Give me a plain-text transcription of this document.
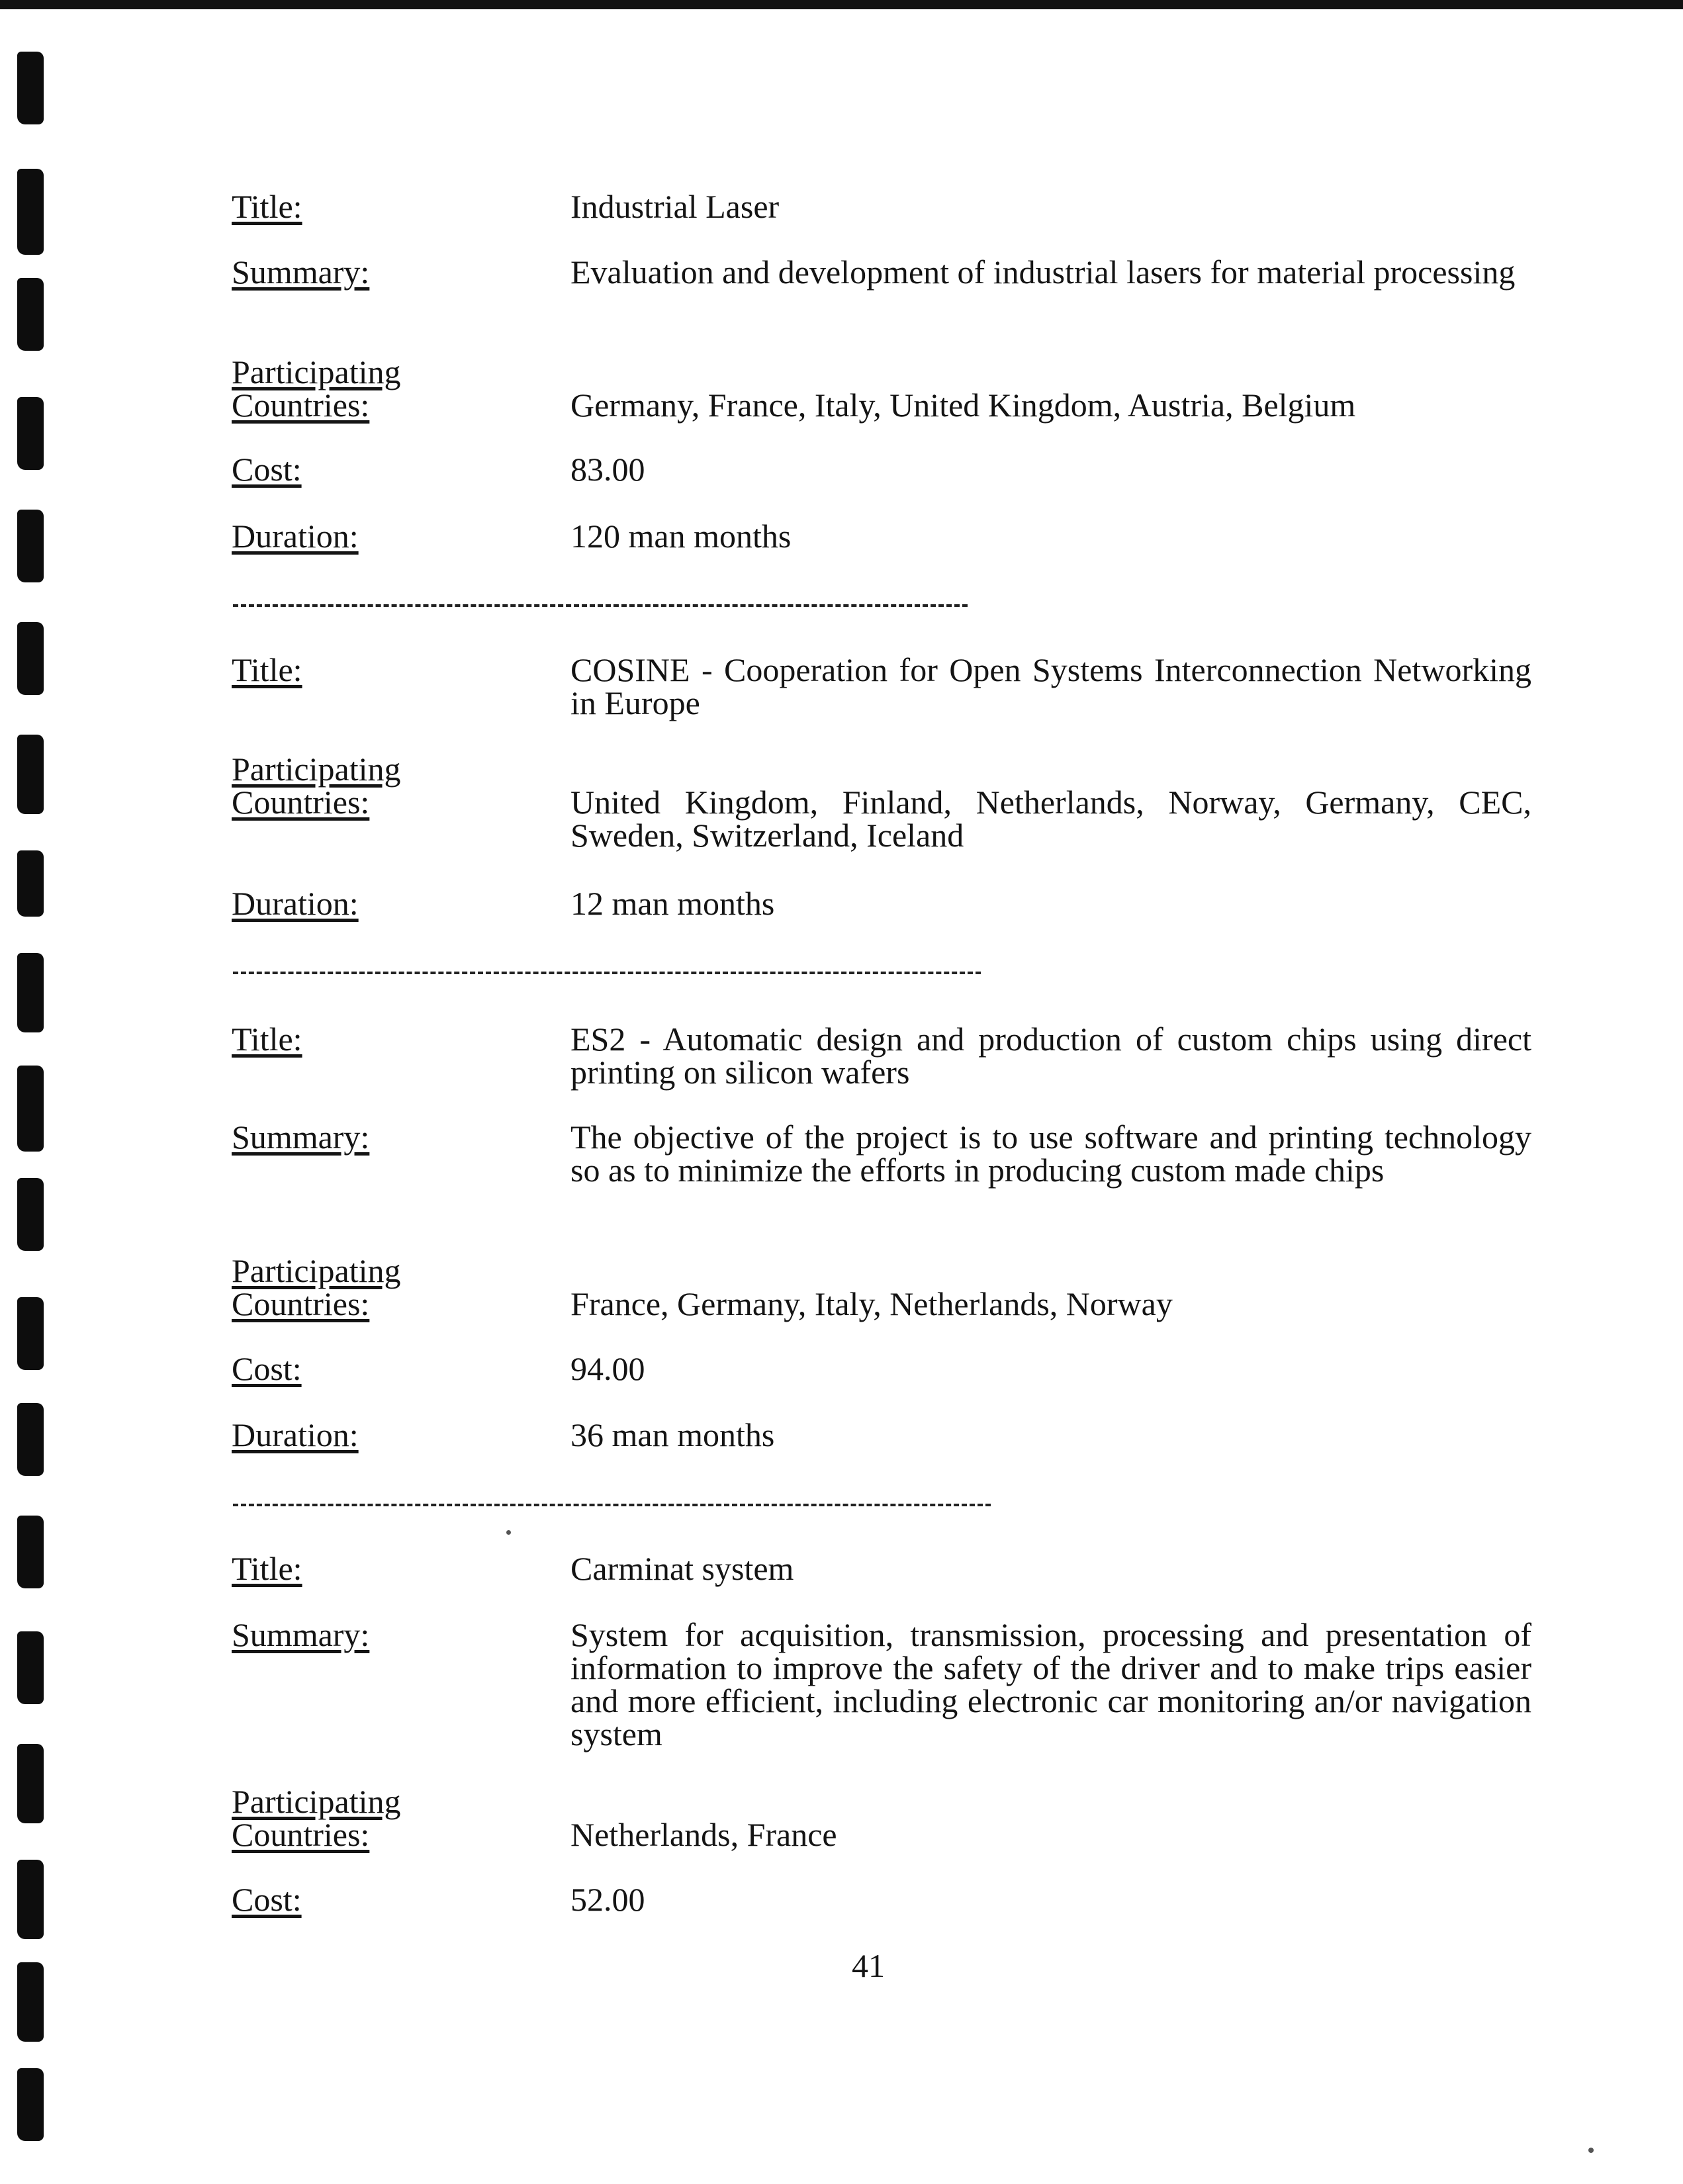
Title:	Industrial Laser
Summary:	Evaluation and development of industrial lasers for material processing
Participating
Countries:	Germany, France, Italy, United Kingdom, Austria, Belgium
Cost:	83.00
Duration:	120 man months
Title:	COSINE - Cooperation for Open Systems Interconnection Networking in Europe
Participating
Countries:	United Kingdom, Finland, Netherlands, Norway, Germany, CEC, Sweden, Switzerland, Iceland
Duration:	12 man months
Title:	ES2 - Automatic design and production of custom chips using direct printing on silicon wafers
Summary:	The objective of the project is to use software and printing technology so as to minimize the efforts in producing custom made chips
Participating
Countries:	France, Germany, Italy, Netherlands, Norway
Cost:	94.00
Duration:	36 man months
Title:	Carminat system
Summary:	System for acquisition, transmission, processing and presentation of information to improve the safety of the driver and to make trips easier and more efficient, including electronic car monitoring an/or navigation system
Participating
Countries:	Netherlands, France
Cost:	52.00
41
